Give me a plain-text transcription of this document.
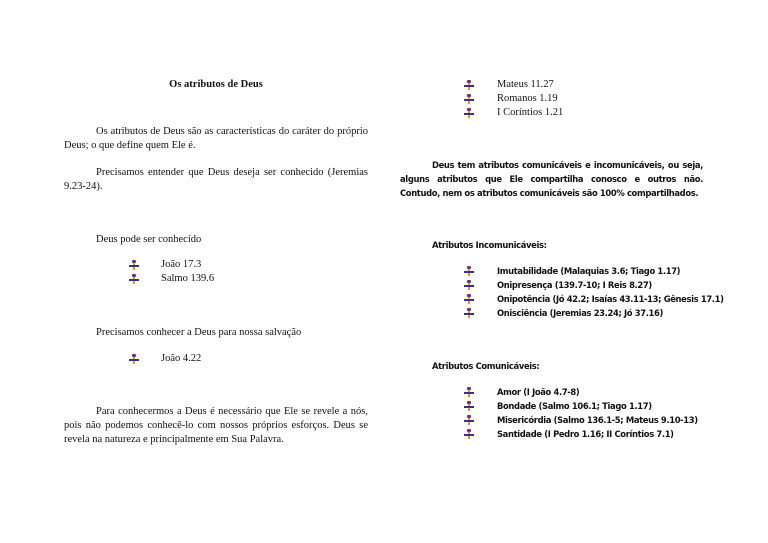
Os atributos de Deus
Os atributos de Deus são as características do caráter do próprio Deus; o que define quem Ele é.
Precisamos entender que Deus deseja ser conhecido (Jeremias 9.23-24).
Deus pode ser conhecido
João 17.3
Salmo 139.6
Precisamos conhecer a Deus para nossa salvação
João 4.22
Para conhecermos a Deus é necessário que Ele se revele a nós, pois não podemos conhecê-lo com nossos próprios esforços. Deus se revela na natureza e principalmente em Sua Palavra.
Mateus 11.27
Romanos 1.19
I Coríntios 1.21
Deus tem atributos comunicáveis e incomunicáveis, ou seja, alguns atributos que Ele compartilha conosco e outros não. Contudo, nem os atributos comunicáveis são 100% compartilhados.
Atributos Incomunicáveis:
Imutabilidade (Malaquias 3.6; Tiago 1.17)
Onipresença (139.7-10; I Reis 8.27)
Onipotência (Jó 42.2; Isaías 43.11-13; Gênesis 17.1)
Onisciência (Jeremias 23.24; Jó 37.16)
Atributos Comunicáveis:
Amor (I João 4.7-8)
Bondade (Salmo 106.1; Tiago 1.17)
Misericórdia (Salmo 136.1-5; Mateus 9.10-13)
Santidade (I Pedro 1.16; II Coríntios 7.1)
